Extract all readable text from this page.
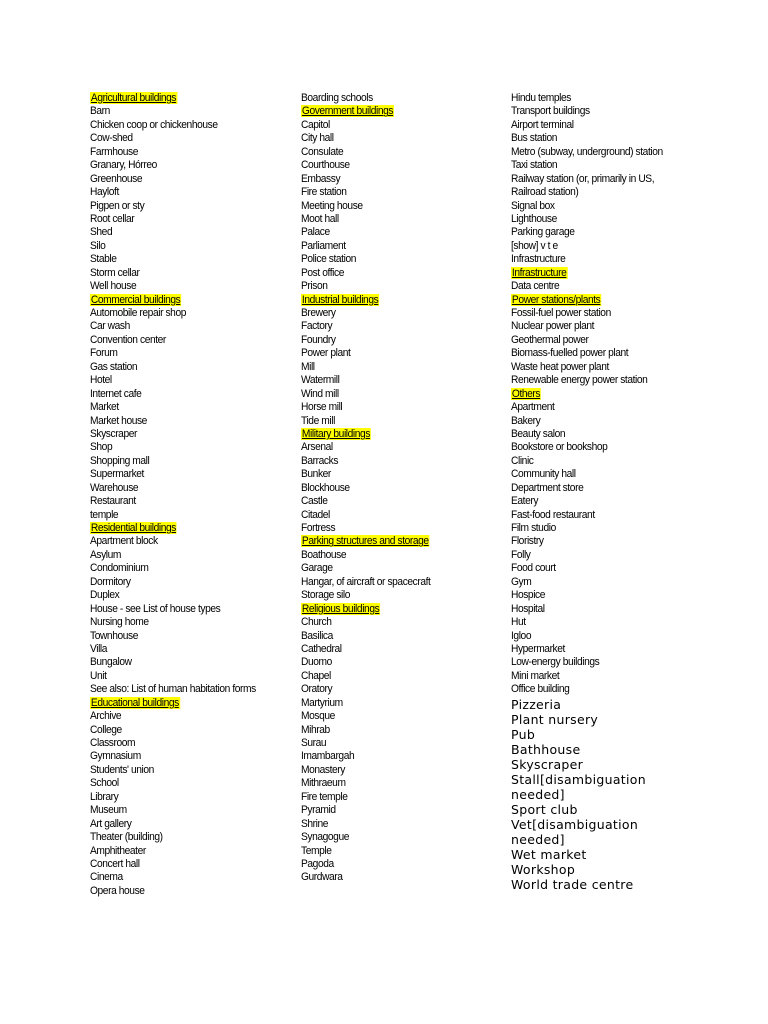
Agricultural buildings
Barn
Chicken coop or chickenhouse
Cow-shed
Farmhouse
Granary, Hórreo
Greenhouse
Hayloft
Pigpen or sty
Root cellar
Shed
Silo
Stable
Storm cellar
Well house
Commercial buildings
Automobile repair shop
Car wash
Convention center
Forum
Gas station
Hotel
Internet cafe
Market
Market house
Skyscraper
Shop
Shopping mall
Supermarket
Warehouse
Restaurant
temple
Residential buildings
Apartment block
Asylum
Condominium
Dormitory
Duplex
House - see List of house types
Nursing home
Townhouse
Villa
Bungalow
Unit
See also: List of human habitation forms
Educational buildings
Archive
College
Classroom
Gymnasium
Students' union
School
Library
Museum
Art gallery
Theater (building)
Amphitheater
Concert hall
Cinema
Opera house
Boarding schools
Government buildings
Capitol
City hall
Consulate
Courthouse
Embassy
Fire station
Meeting house
Moot hall
Palace
Parliament
Police station
Post office
Prison
Industrial buildings
Brewery
Factory
Foundry
Power plant
Mill
Watermill
Wind mill
Horse mill
Tide mill
Military buildings
Arsenal
Barracks
Bunker
Blockhouse
Castle
Citadel
Fortress
Parking structures and storage
Boathouse
Garage
Hangar, of aircraft or spacecraft
Storage silo
Religious buildings
Church
Basilica
Cathedral
Duomo
Chapel
Oratory
Martyrium
Mosque
Mihrab
Surau
Imambargah
Monastery
Mithraeum
Fire temple
Pyramid
Shrine
Synagogue
Temple
Pagoda
Gurdwara
Hindu temples
Transport buildings
Airport terminal
Bus station
Metro (subway, underground) station
Taxi station
Railway station (or, primarily in US,
Railroad station)
Signal box
Lighthouse
Parking garage
[show] v t e
Infrastructure
Infrastructure
Data centre
Power stations/plants
Fossil-fuel power station
Nuclear power plant
Geothermal power
Biomass-fuelled power plant
Waste heat power plant
Renewable energy power station
Others
Apartment
Bakery
Beauty salon
Bookstore or bookshop
Clinic
Community hall
Department store
Eatery
Fast-food restaurant
Film studio
Floristry
Folly
Food court
Gym
Hospice
Hospital
Hut
Igloo
Hypermarket
Low-energy buildings
Mini market
Office building
Pizzeria
Plant nursery
Pub
Bathhouse
Skyscraper
Stall[disambiguation
needed]
Sport club
Vet[disambiguation
needed]
Wet market
Workshop
World trade centre
